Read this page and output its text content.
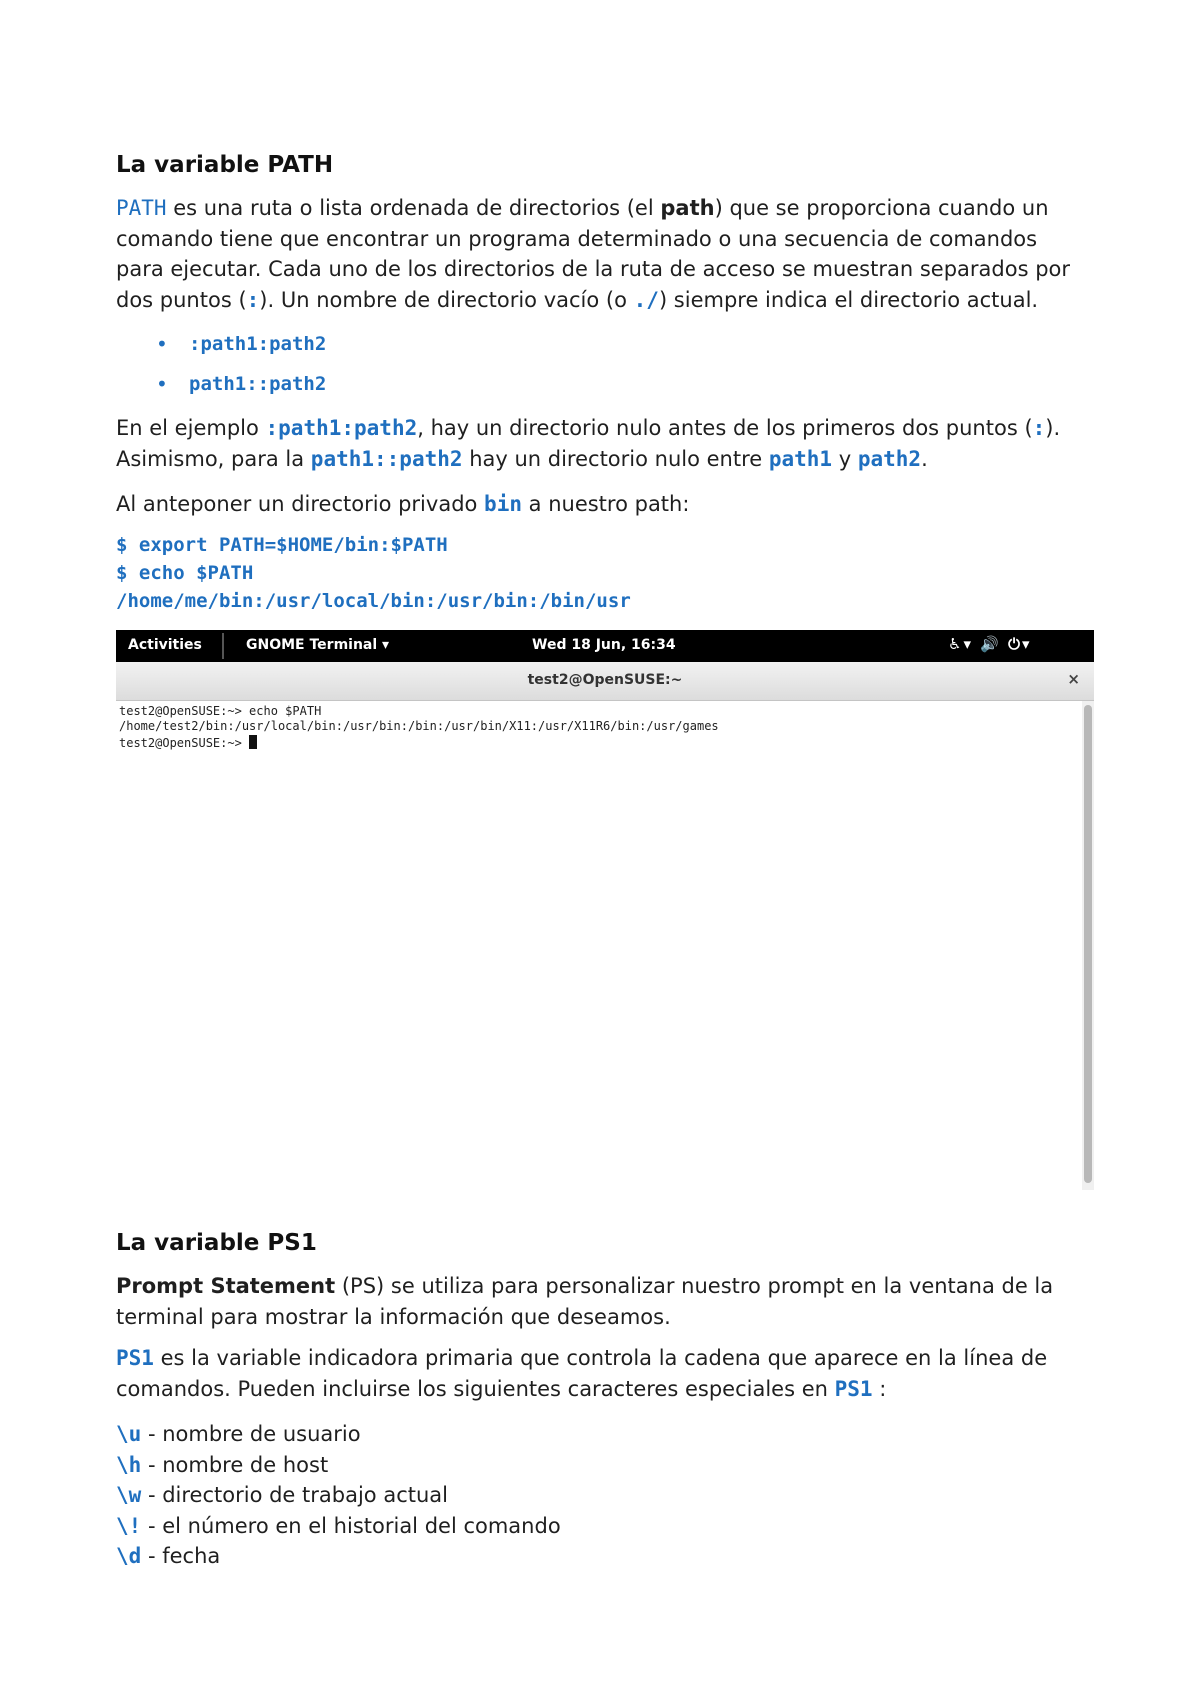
La variable PATH

PATH es una ruta o lista ordenada de directorios (el path) que se proporciona cuando un comando tiene que encontrar un programa determinado o una secuencia de comandos para ejecutar. Cada uno de los directorios de la ruta de acceso se muestran separados por dos puntos (:). Un nombre de directorio vacío (o ./) siempre indica el directorio actual.

• :path1:path2
• path1::path2

En el ejemplo :path1:path2, hay un directorio nulo antes de los primeros dos puntos (:). Asimismo, para la path1::path2 hay un directorio nulo entre path1 y path2.

Al anteponer un directorio privado bin a nuestro path:

$ export PATH=$HOME/bin:$PATH
$ echo $PATH
/home/me/bin:/usr/local/bin:/usr/bin:/bin/usr
Activities	GNOME Terminal ▾	Wed 18 Jun, 16:34	♿▾ 🔊 ⏻▾
test2@OpenSUSE:~	×
test2@OpenSUSE:~> echo $PATH
/home/test2/bin:/usr/local/bin:/usr/bin:/bin:/usr/bin/X11:/usr/X11R6/bin:/usr/games
test2@OpenSUSE:~>
La variable PS1

Prompt Statement (PS) se utiliza para personalizar nuestro prompt en la ventana de la terminal para mostrar la información que deseamos.

PS1 es la variable indicadora primaria que controla la cadena que aparece en la línea de comandos. Pueden incluirse los siguientes caracteres especiales en PS1 :

\u - nombre de usuario
\h - nombre de host
\w - directorio de trabajo actual
\! - el número en el historial del comando
\d - fecha
